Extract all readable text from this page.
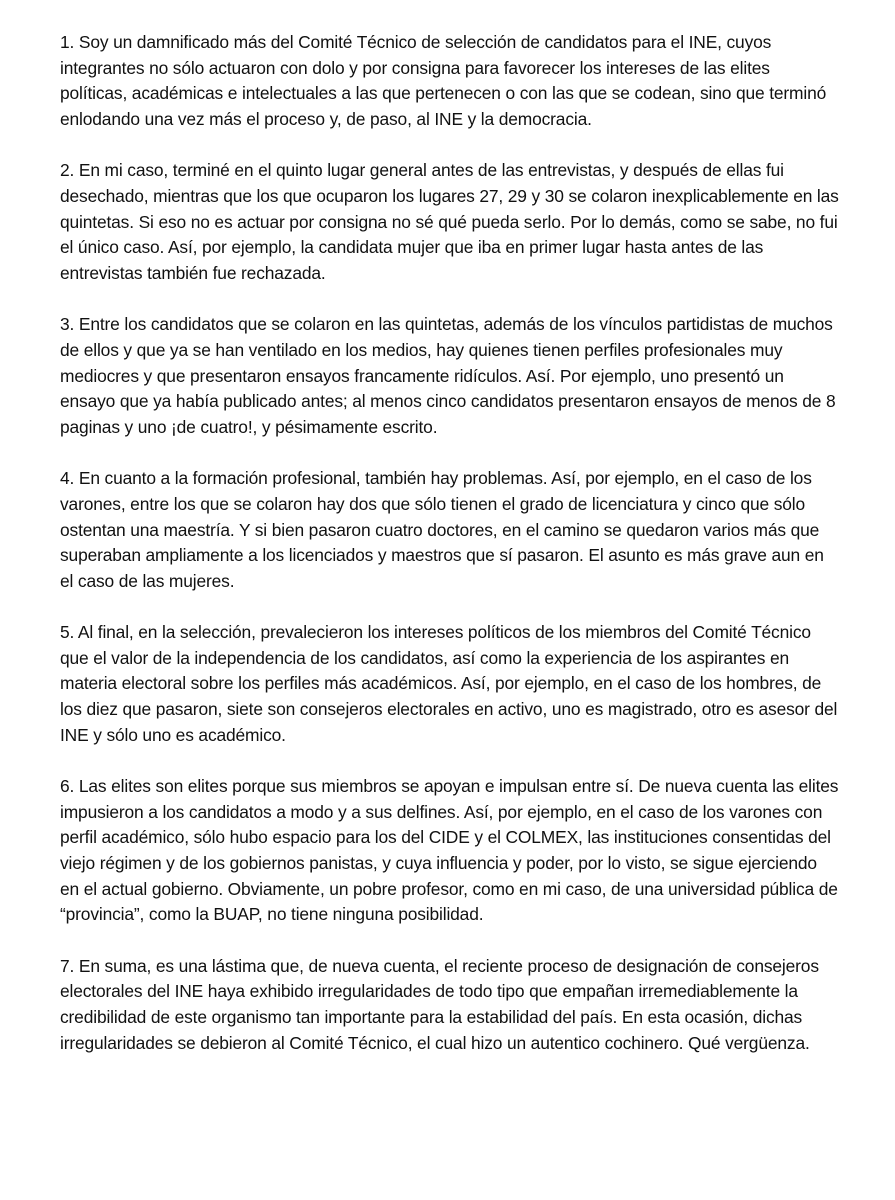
1. Soy un damnificado más del Comité Técnico de selección de candidatos para el INE, cuyos integrantes no sólo actuaron con dolo y por consigna para favorecer los intereses de las elites políticas, académicas e intelectuales a las que pertenecen o con las que se codean, sino que terminó enlodando una vez más el proceso y, de paso, al INE y la democracia.

2. En mi caso, terminé en el quinto lugar general antes de las entrevistas, y después de ellas fui desechado, mientras que los que ocuparon los lugares 27, 29 y 30 se colaron inexplicablemente en las quintetas. Si eso no es actuar por consigna no sé qué pueda serlo. Por lo demás, como se sabe, no fui el único caso. Así, por ejemplo, la candidata mujer que iba en primer lugar hasta antes de las entrevistas también fue rechazada.

3. Entre los candidatos que se colaron en las quintetas, además de los vínculos partidistas de muchos de ellos y que ya se han ventilado en los medios, hay quienes tienen perfiles profesionales muy mediocres y que presentaron ensayos francamente ridículos. Así. Por ejemplo, uno presentó un ensayo que ya había publicado antes; al menos cinco candidatos presentaron ensayos de menos de 8 paginas y uno ¡de cuatro!, y pésimamente escrito.

4. En cuanto a la formación profesional, también hay problemas. Así, por ejemplo, en el caso de los varones, entre los que se colaron hay dos que sólo tienen el grado de licenciatura y cinco que sólo ostentan una maestría. Y si bien pasaron cuatro doctores, en el camino se quedaron varios más que superaban ampliamente a los licenciados y maestros que sí pasaron. El asunto es más grave aun en el caso de las mujeres.

5. Al final, en la selección, prevalecieron los intereses políticos de los miembros del Comité Técnico que el valor de la independencia de los candidatos, así como la experiencia de los aspirantes en materia electoral sobre los perfiles más académicos. Así, por ejemplo, en el caso de los hombres, de los diez que pasaron, siete son consejeros electorales en activo, uno es magistrado, otro es asesor del INE y sólo uno es académico.

6. Las elites son elites porque sus miembros se apoyan e impulsan entre sí. De nueva cuenta las elites impusieron a los candidatos a modo y a sus delfines. Así, por ejemplo, en el caso de los varones con perfil académico, sólo hubo espacio para los del CIDE y el COLMEX, las instituciones consentidas del viejo régimen y de los gobiernos panistas, y cuya influencia y poder, por lo visto, se sigue ejerciendo en el actual gobierno. Obviamente, un pobre profesor, como en mi caso, de una universidad pública de “provincia”, como la BUAP, no tiene ninguna posibilidad.

7. En suma, es una lástima que, de nueva cuenta, el reciente proceso de designación de consejeros electorales del INE haya exhibido irregularidades de todo tipo que empañan irremediablemente la credibilidad de este organismo tan importante para la estabilidad del país. En esta ocasión, dichas irregularidades se debieron al Comité Técnico, el cual hizo un autentico cochinero. Qué vergüenza.
